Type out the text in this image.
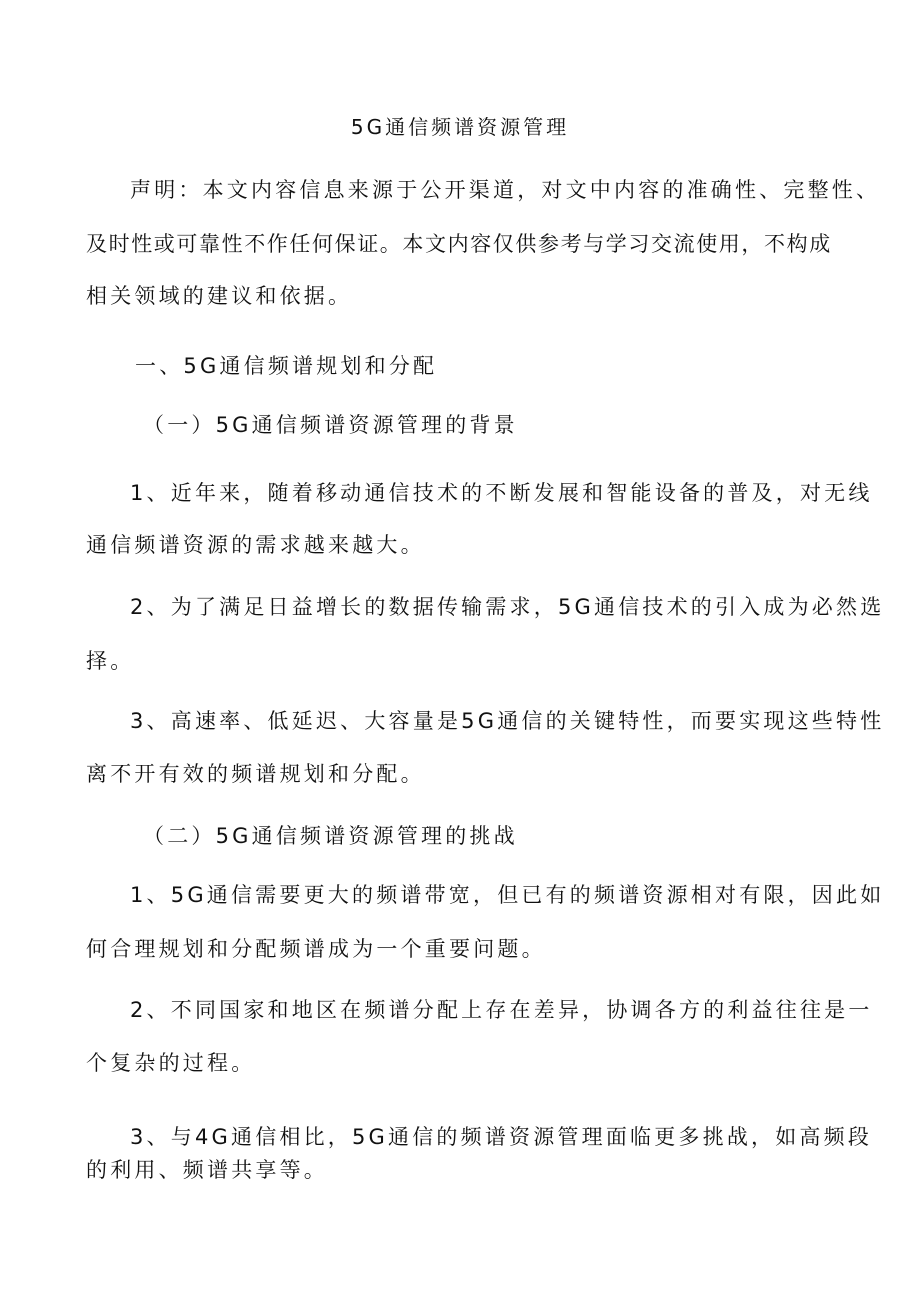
5G通信频谱资源管理
声明：本文内容信息来源于公开渠道，对文中内容的准确性、完整性、
及时性或可靠性不作任何保证。本文内容仅供参考与学习交流使用，不构成
相关领域的建议和依据。
一、5G通信频谱规划和分配
（一）5G通信频谱资源管理的背景
1、近年来，随着移动通信技术的不断发展和智能设备的普及，对无线
通信频谱资源的需求越来越大。
2、为了满足日益增长的数据传输需求，5G通信技术的引入成为必然选
择。
3、高速率、低延迟、大容量是5G通信的关键特性，而要实现这些特性
离不开有效的频谱规划和分配。
（二）5G通信频谱资源管理的挑战
1、5G通信需要更大的频谱带宽，但已有的频谱资源相对有限，因此如
何合理规划和分配频谱成为一个重要问题。
2、不同国家和地区在频谱分配上存在差异，协调各方的利益往往是一
个复杂的过程。
3、与4G通信相比，5G通信的频谱资源管理面临更多挑战，如高频段
的利用、频谱共享等。
